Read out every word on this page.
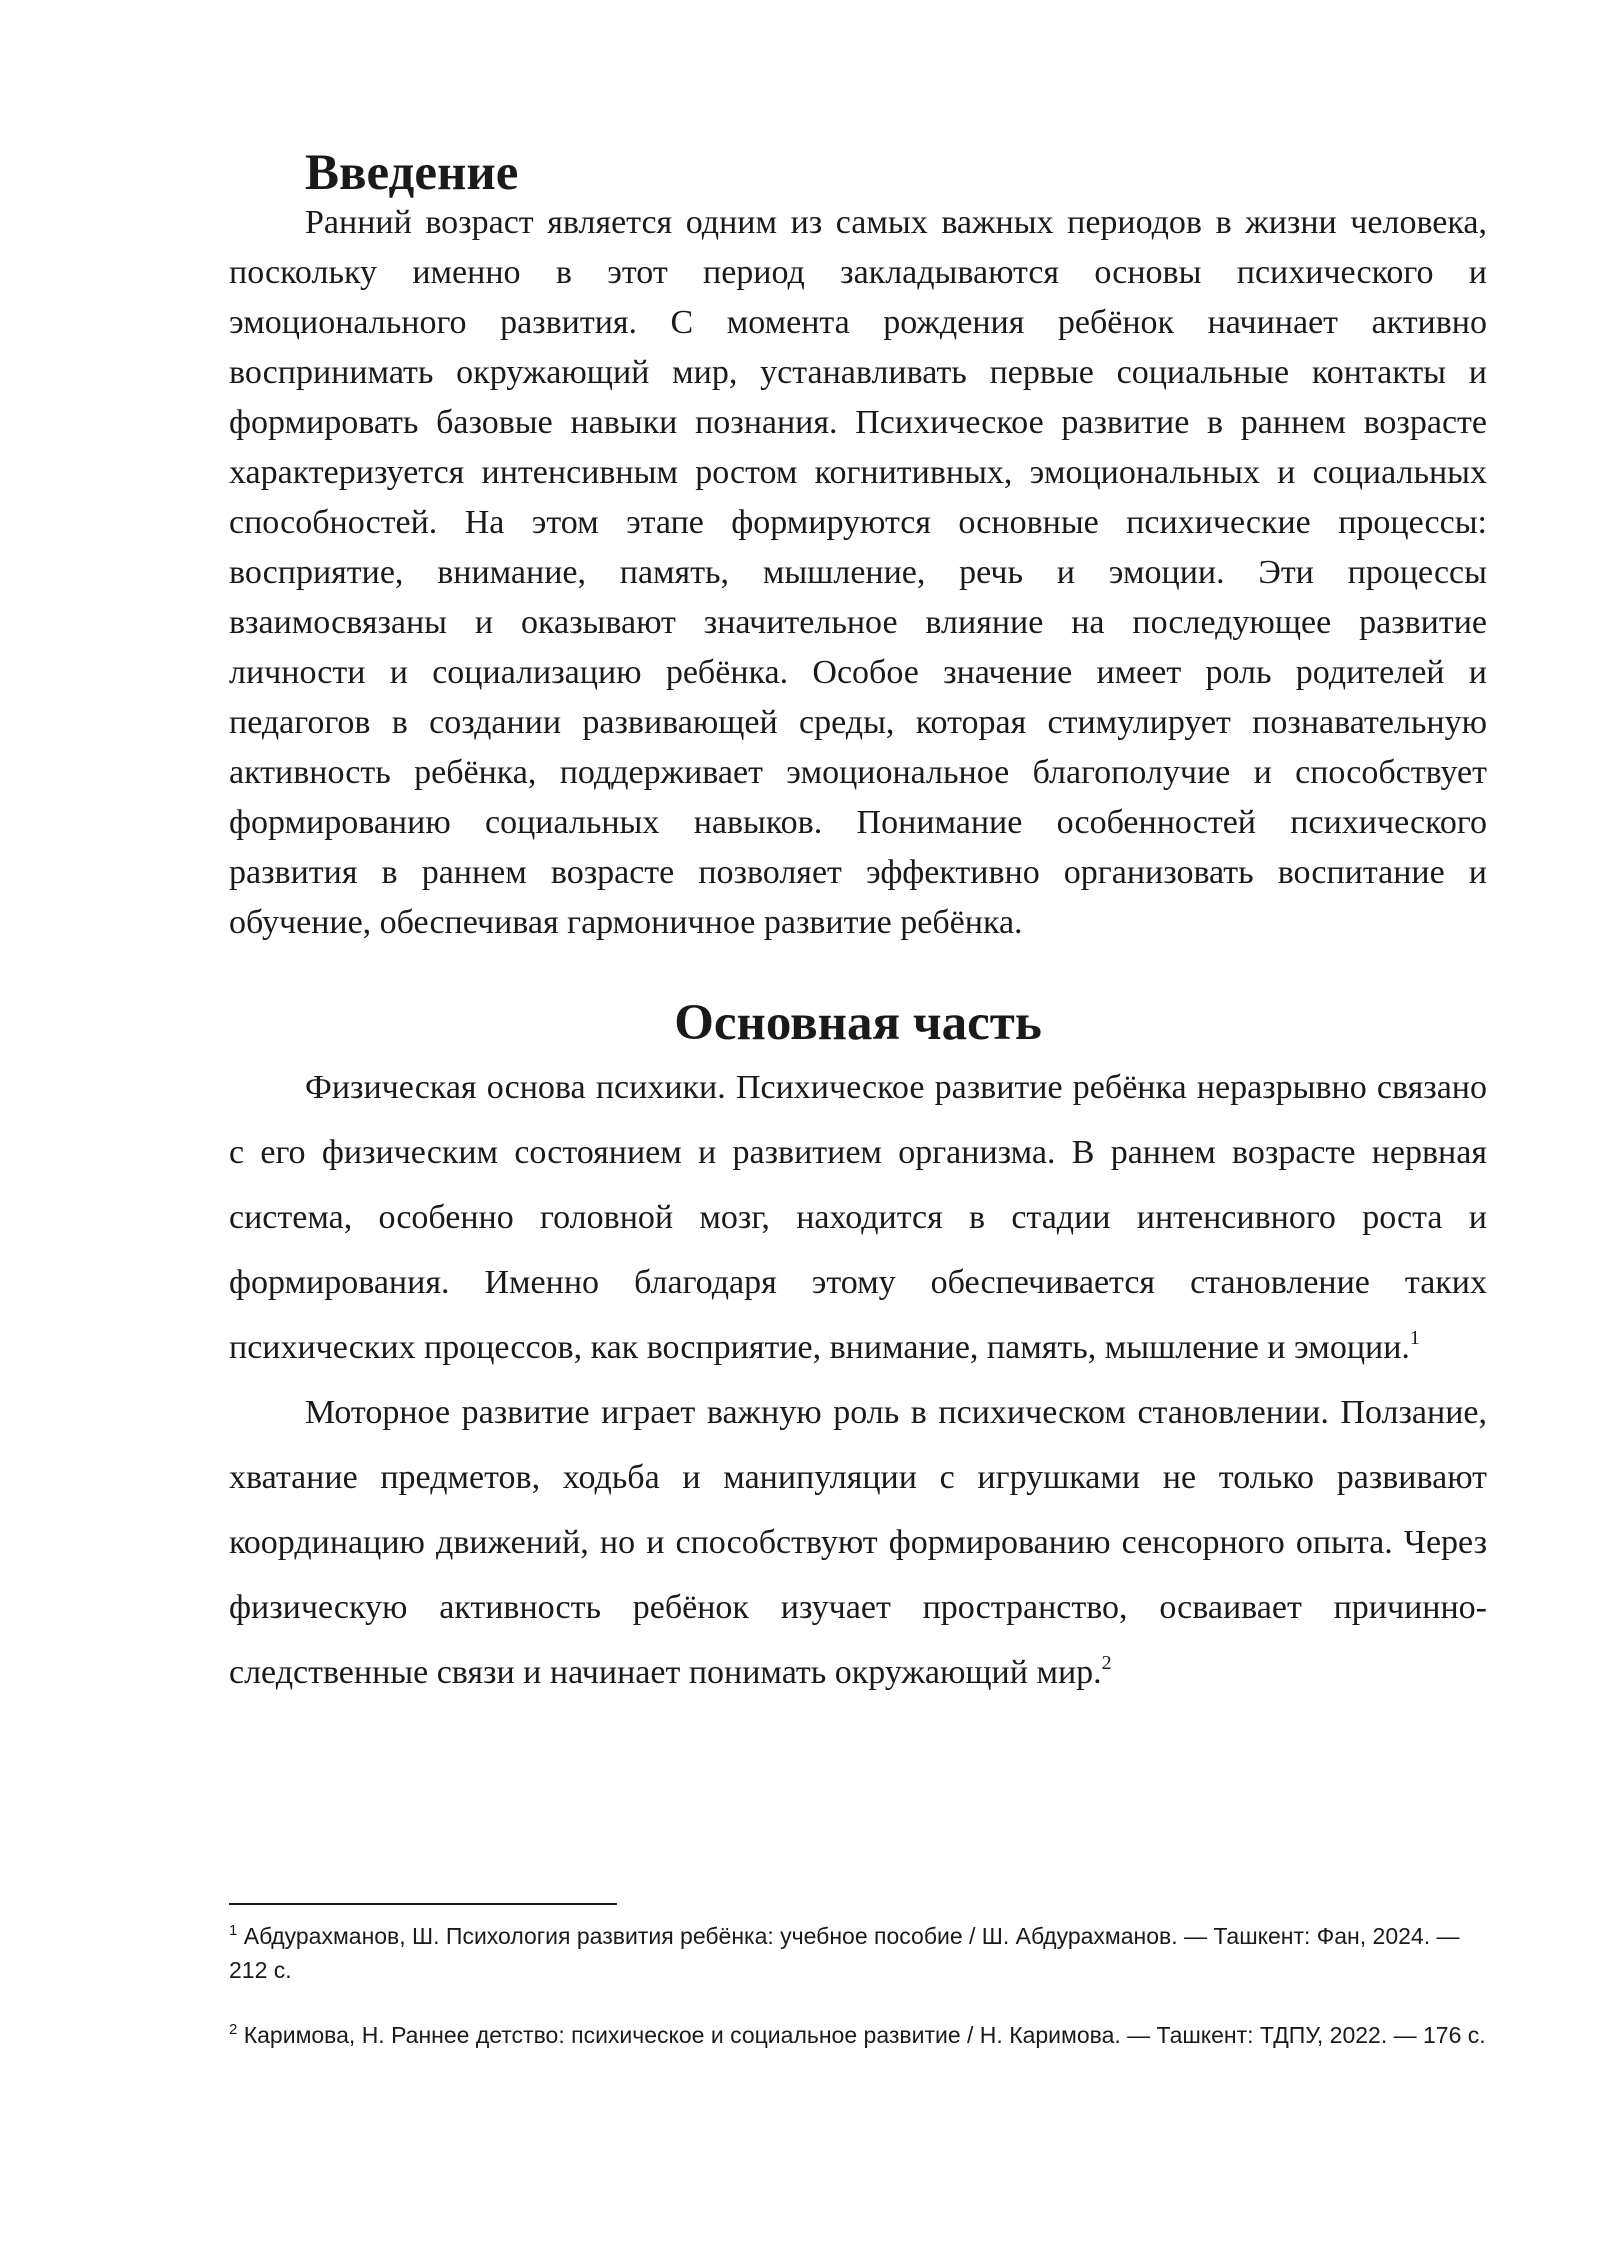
Введение

Ранний возраст является одним из самых важных периодов в жизни человека, поскольку именно в этот период закладываются основы психического и эмоционального развития. С момента рождения ребёнок начинает активно воспринимать окружающий мир, устанавливать первые социальные контакты и формировать базовые навыки познания. Психическое развитие в раннем возрасте характеризуется интенсивным ростом когнитивных, эмоциональных и социальных способностей. На этом этапе формируются основные психические процессы: восприятие, внимание, память, мышление, речь и эмоции. Эти процессы взаимосвязаны и оказывают значительное влияние на последующее развитие личности и социализацию ребёнка. Особое значение имеет роль родителей и педагогов в создании развивающей среды, которая стимулирует познавательную активность ребёнка, поддерживает эмоциональное благополучие и способствует формированию социальных навыков. Понимание особенностей психического развития в раннем возрасте позволяет эффективно организовать воспитание и обучение, обеспечивая гармоничное развитие ребёнка.

Основная часть

Физическая основа психики. Психическое развитие ребёнка неразрывно связано с его физическим состоянием и развитием организма. В раннем возрасте нервная система, особенно головной мозг, находится в стадии интенсивного роста и формирования. Именно благодаря этому обеспечивается становление таких психических процессов, как восприятие, внимание, память, мышление и эмоции.$^1$

Моторное развитие играет важную роль в психическом становлении. Ползание, хватание предметов, ходьба и манипуляции с игрушками не только развивают координацию движений, но и способствуют формированию сенсорного опыта. Через физическую активность ребёнок изучает пространство, осваивает причинно-следственные связи и начинает понимать окружающий мир.$^2$

$^1$ Абдурахманов, Ш. Психология развития ребёнка: учебное пособие / Ш. Абдурахманов. — Ташкент: Фан, 2024. — 212 с.

$^2$ Каримова, Н. Раннее детство: психическое и социальное развитие / Н. Каримова. — Ташкент: ТДПУ, 2022. — 176 с.
